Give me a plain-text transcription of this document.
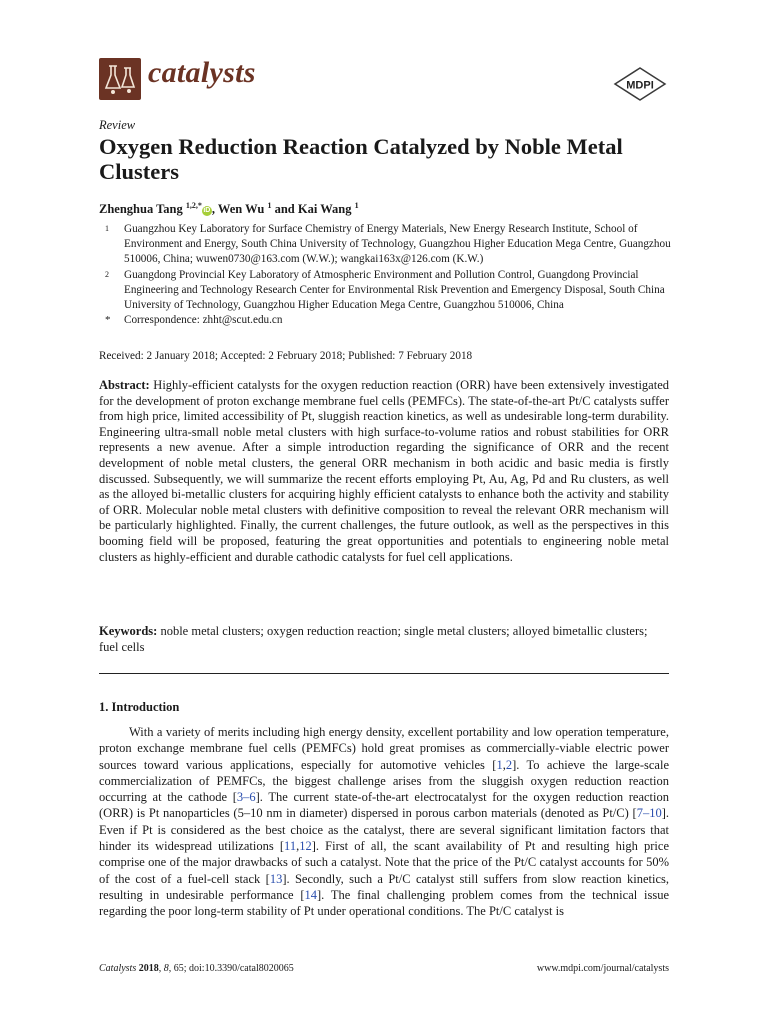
catalysts	MDPI
Review
Oxygen Reduction Reaction Catalyzed by Noble Metal Clusters
Zhenghua Tang $^{1,2,*}$iD , Wen Wu $^1$ and Kai Wang $^1$
1 Guangzhou Key Laboratory for Surface Chemistry of Energy Materials, New Energy Research Institute, School of Environment and Energy, South China University of Technology, Guangzhou Higher Education Mega Centre, Guangzhou 510006, China; wuwen0730@163.com (W.W.); wangkai163x@126.com (K.W.)
2 Guangdong Provincial Key Laboratory of Atmospheric Environment and Pollution Control, Guangdong Provincial Engineering and Technology Research Center for Environmental Risk Prevention and Emergency Disposal, South China University of Technology, Guangzhou Higher Education Mega Centre, Guangzhou 510006, China
* Correspondence: zhht@scut.edu.cn
Received: 2 January 2018; Accepted: 2 February 2018; Published: 7 February 2018

Abstract: Highly-efficient catalysts for the oxygen reduction reaction (ORR) have been extensively investigated for the development of proton exchange membrane fuel cells (PEMFCs). The state-of-the-art Pt/C catalysts suffer from high price, limited accessibility of Pt, sluggish reaction kinetics, as well as undesirable long-term durability. Engineering ultra-small noble metal clusters with high surface-to-volume ratios and robust stabilities for ORR represents a new avenue. After a simple introduction regarding the significance of ORR and the recent development of noble metal clusters, the general ORR mechanism in both acidic and basic media is firstly discussed. Subsequently, we will summarize the recent efforts employing Pt, Au, Ag, Pd and Ru clusters, as well as the alloyed bi-metallic clusters for acquiring highly efficient catalysts to enhance both the activity and stability of ORR. Molecular noble metal clusters with definitive composition to reveal the relevant ORR mechanism will be particularly highlighted. Finally, the current challenges, the future outlook, as well as the perspectives in this booming field will be proposed, featuring the great opportunities and potentials to engineering noble metal clusters as highly-efficient and durable cathodic catalysts for fuel cell applications.

Keywords: noble metal clusters; oxygen reduction reaction; single metal clusters; alloyed bimetallic clusters; fuel cells

1. Introduction

With a variety of merits including high energy density, excellent portability and low operation temperature, proton exchange membrane fuel cells (PEMFCs) hold great promises as commercially-viable electric power sources toward various applications, especially for automotive vehicles [1,2]. To achieve the large-scale commercialization of PEMFCs, the biggest challenge arises from the sluggish oxygen reduction reaction occurring at the cathode [3–6]. The current state-of-the-art electrocatalyst for the oxygen reduction reaction (ORR) is Pt nanoparticles (5–10 nm in diameter) dispersed in porous carbon materials (denoted as Pt/C) [7–10]. Even if Pt is considered as the best choice as the catalyst, there are several significant limitation factors that hinder its widespread utilizations [11,12]. First of all, the scant availability of Pt and resulting high price comprise one of the major drawbacks of such a catalyst. Note that the price of the Pt/C catalyst accounts for 50% of the cost of a fuel-cell stack [13]. Secondly, such a Pt/C catalyst still suffers from slow reaction kinetics, resulting in undesirable performance [14]. The final challenging problem comes from the technical issue regarding the poor long-term stability of Pt under operational conditions. The Pt/C catalyst is

Catalysts 2018, 8, 65; doi:10.3390/catal8020065	www.mdpi.com/journal/catalysts
